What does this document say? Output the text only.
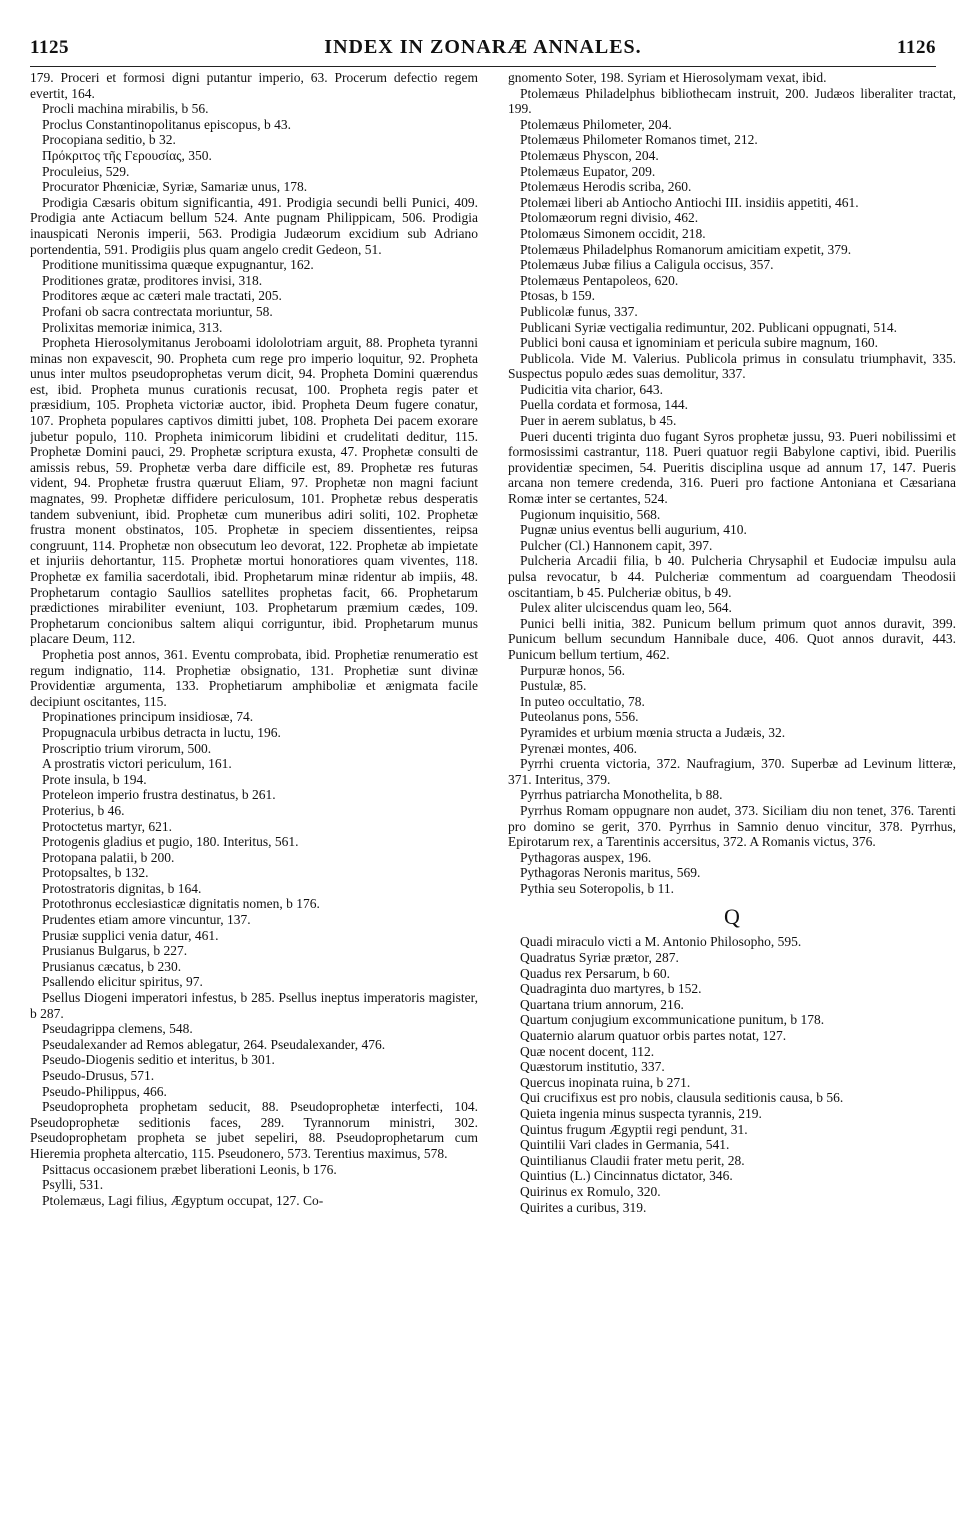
1125	INDEX IN ZONARÆ ANNALES.	1126

179. Proceri et formosi digni putantur imperio, 63. Procerum defectio regem evertit, 164.

Procli machina mirabilis, b 56.

Proclus Constantinopolitanus episcopus, b 43.

Procopiana seditio, b 32.

Πρόκριτος τῆς Γερουσίας, 350.

Proculeius, 529.

Procurator Phœniciæ, Syriæ, Samariæ unus, 178.

Prodigia Cæsaris obitum significantia, 491. Prodigia secundi belli Punici, 409. Prodigia ante Actiacum bellum 524. Ante pugnam Philippicam, 506. Prodigia inauspicati Neronis imperii, 563. Prodigia Judæorum excidium sub Adriano portendentia, 591. Prodigiis plus quam angelo credit Gedeon, 51.

Proditione munitissima quæque expugnantur, 162.

Proditiones gratæ, proditores invisi, 318.

Proditores æque ac cæteri male tractati, 205.

Profani ob sacra contrectata moriuntur, 58.

Prolixitas memoriæ inimica, 313.

Propheta Hierosolymitanus Jeroboami idololotriam arguit, 88. Propheta tyranni minas non expavescit, 90. Propheta cum rege pro imperio loquitur, 92. Propheta unus inter multos pseudoprophetas verum dicit, 94. Propheta Domini quærendus est, ibid. Propheta munus curationis recusat, 100. Propheta regis pater et præsidium, 105. Propheta victoriæ auctor, ibid. Propheta Deum fugere conatur, 107. Propheta populares captivos dimitti jubet, 108. Propheta Dei pacem exorare jubetur populo, 110. Propheta inimicorum libidini et crudelitati deditur, 115. Prophetæ Domini pauci, 29. Prophetæ scriptura exusta, 47. Prophetæ consulti de amissis rebus, 59. Prophetæ verba dare difficile est, 89. Prophetæ res futuras vident, 94. Prophetæ frustra quæruut Eliam, 97. Prophetæ non magni faciunt magnates, 99. Prophetæ diffidere periculosum, 101. Prophetæ rebus desperatis tandem subveniunt, ibid. Prophetæ cum muneribus adiri soliti, 102. Prophetæ frustra monent obstinatos, 105. Prophetæ in speciem dissentientes, reipsa congruunt, 114. Prophetæ non obsecutum leo devorat, 122. Prophetæ ab impietate et injuriis dehortantur, 115. Prophetæ mortui honoratiores quam viventes, 118. Prophetæ ex familia sacerdotali, ibid. Prophetarum minæ ridentur ab impiis, 48. Prophetarum contagio Saullios satellites prophetas facit, 66. Prophetarum prædictiones mirabiliter eveniunt, 103. Prophetarum præmium cædes, 109. Prophetarum concionibus saltem aliqui corriguntur, ibid. Prophetarum munus placare Deum, 112.

Prophetia post annos, 361. Eventu comprobata, ibid. Prophetiæ renumeratio est regum indignatio, 114. Prophetiæ obsignatio, 131. Prophetiæ sunt divinæ Providentiæ argumenta, 133. Prophetiarum amphiboliæ et ænigmata facile decipiunt oscitantes, 115.

Propinationes principum insidiosæ, 74.

Propugnacula urbibus detracta in luctu, 196.

Proscriptio trium virorum, 500.

A prostratis victori periculum, 161.

Prote insula, b 194.

Proteleon imperio frustra destinatus, b 261.

Proterius, b 46.

Protoctetus martyr, 621.

Protogenis gladius et pugio, 180. Interitus, 561.

Protopana palatii, b 200.

Protopsaltes, b 132.

Protostratoris dignitas, b 164.

Protothronus ecclesiasticæ dignitatis nomen, b 176.

Prudentes etiam amore vincuntur, 137.

Prusiæ supplici venia datur, 461.

Prusianus Bulgarus, b 227.

Prusianus cæcatus, b 230.

Psallendo elicitur spiritus, 97.

Psellus Diogeni imperatori infestus, b 285. Psellus ineptus imperatoris magister, b 287.

Pseudagrippa clemens, 548.

Pseudalexander ad Remos ablegatur, 264. Pseudalexander, 476.

Pseudo-Diogenis seditio et interitus, b 301.

Pseudo-Drusus, 571.

Pseudo-Philippus, 466.

Pseudopropheta prophetam seducit, 88. Pseudoprophetæ interfecti, 104. Pseudoprophetæ seditionis faces, 289. Tyrannorum ministri, 302. Pseudoprophetam propheta se jubet sepeliri, 88. Pseudoprophetarum cum Hieremia propheta altercatio, 115. Pseudonero, 573. Terentius maximus, 578.

Psittacus occasionem præbet liberationi Leonis, b 176.

Psylli, 531.

Ptolemæus, Lagi filius, Ægyptum occupat, 127. Co-

gnomento Soter, 198. Syriam et Hierosolymam vexat, ibid.

Ptolemæus Philadelphus bibliothecam instruit, 200. Judæos liberaliter tractat, 199.

Ptolemæus Philometer, 204.

Ptolemæus Philometer Romanos timet, 212.

Ptolemæus Physcon, 204.

Ptolemæus Eupator, 209.

Ptolemæus Herodis scriba, 260.

Ptolemæi liberi ab Antiocho Antiochi III. insidiis appetiti, 461.

Ptolomæorum regni divisio, 462.

Ptolomæus Simonem occidit, 218.

Ptolemæus Philadelphus Romanorum amicitiam expetit, 379.

Ptolemæus Jubæ filius a Caligula occisus, 357.

Ptolemæus Pentapoleos, 620.

Ptosas, b 159.

Publicolæ funus, 337.

Publicani Syriæ vectigalia redimuntur, 202. Publicani oppugnati, 514.

Publici boni causa et ignominiam et pericula subire magnum, 160.

Publicola. Vide M. Valerius. Publicola primus in consulatu triumphavit, 335. Suspectus populo ædes suas demolitur, 337.

Pudicitia vita charior, 643.

Puella cordata et formosa, 144.

Puer in aerem sublatus, b 45.

Pueri ducenti triginta duo fugant Syros prophetæ jussu, 93. Pueri nobilissimi et formosissimi castrantur, 118. Pueri quatuor regii Babylone captivi, ibid. Puerilis providentiæ specimen, 54. Pueritis disciplina usque ad annum 17, 147. Pueris arcana non temere credenda, 316. Pueri pro factione Antoniana et Cæsariana Romæ inter se certantes, 524.

Pugionum inquisitio, 568.

Pugnæ unius eventus belli augurium, 410.

Pulcher (Cl.) Hannonem capit, 397.

Pulcheria Arcadii filia, b 40. Pulcheria Chrysaphil et Eudociæ impulsu aula pulsa revocatur, b 44. Pulcheriæ commentum ad coarguendam Theodosii oscitantiam, b 45. Pulcheriæ obitus, b 49.

Pulex aliter ulciscendus quam leo, 564.

Punici belli initia, 382. Punicum bellum primum quot annos duravit, 399. Punicum bellum secundum Hannibale duce, 406. Quot annos duravit, 443. Punicum bellum tertium, 462.

Purpuræ honos, 56.

Pustulæ, 85.

In puteo occultatio, 78.

Puteolanus pons, 556.

Pyramides et urbium mœnia structa a Judæis, 32.

Pyrenæi montes, 406.

Pyrrhi cruenta victoria, 372. Naufragium, 370. Superbæ ad Levinum litteræ, 371. Interitus, 379.

Pyrrhus patriarcha Monothelita, b 88.

Pyrrhus Romam oppugnare non audet, 373. Siciliam diu non tenet, 376. Tarenti pro domino se gerit, 370. Pyrrhus in Samnio denuo vincitur, 378. Pyrrhus, Epirotarum rex, a Tarentinis accersitus, 372. A Romanis victus, 376.

Pythagoras auspex, 196.

Pythagoras Neronis maritus, 569.

Pythia seu Soteropolis, b 11.

Q

Quadi miraculo victi a M. Antonio Philosopho, 595.

Quadratus Syriæ prætor, 287.

Quadus rex Persarum, b 60.

Quadraginta duo martyres, b 152.

Quartana trium annorum, 216.

Quartum conjugium excommunicatione punitum, b 178.

Quaternio alarum quatuor orbis partes notat, 127.

Quæ nocent docent, 112.

Quæstorum institutio, 337.

Quercus inopinata ruina, b 271.

Qui crucifixus est pro nobis, clausula seditionis causa, b 56.

Quieta ingenia minus suspecta tyrannis, 219.

Quintus frugum Ægyptii regi pendunt, 31.

Quintilii Vari clades in Germania, 541.

Quintilianus Claudii frater metu perit, 28.

Quintius (L.) Cincinnatus dictator, 346.

Quirinus ex Romulo, 320.

Quirites a curibus, 319.
